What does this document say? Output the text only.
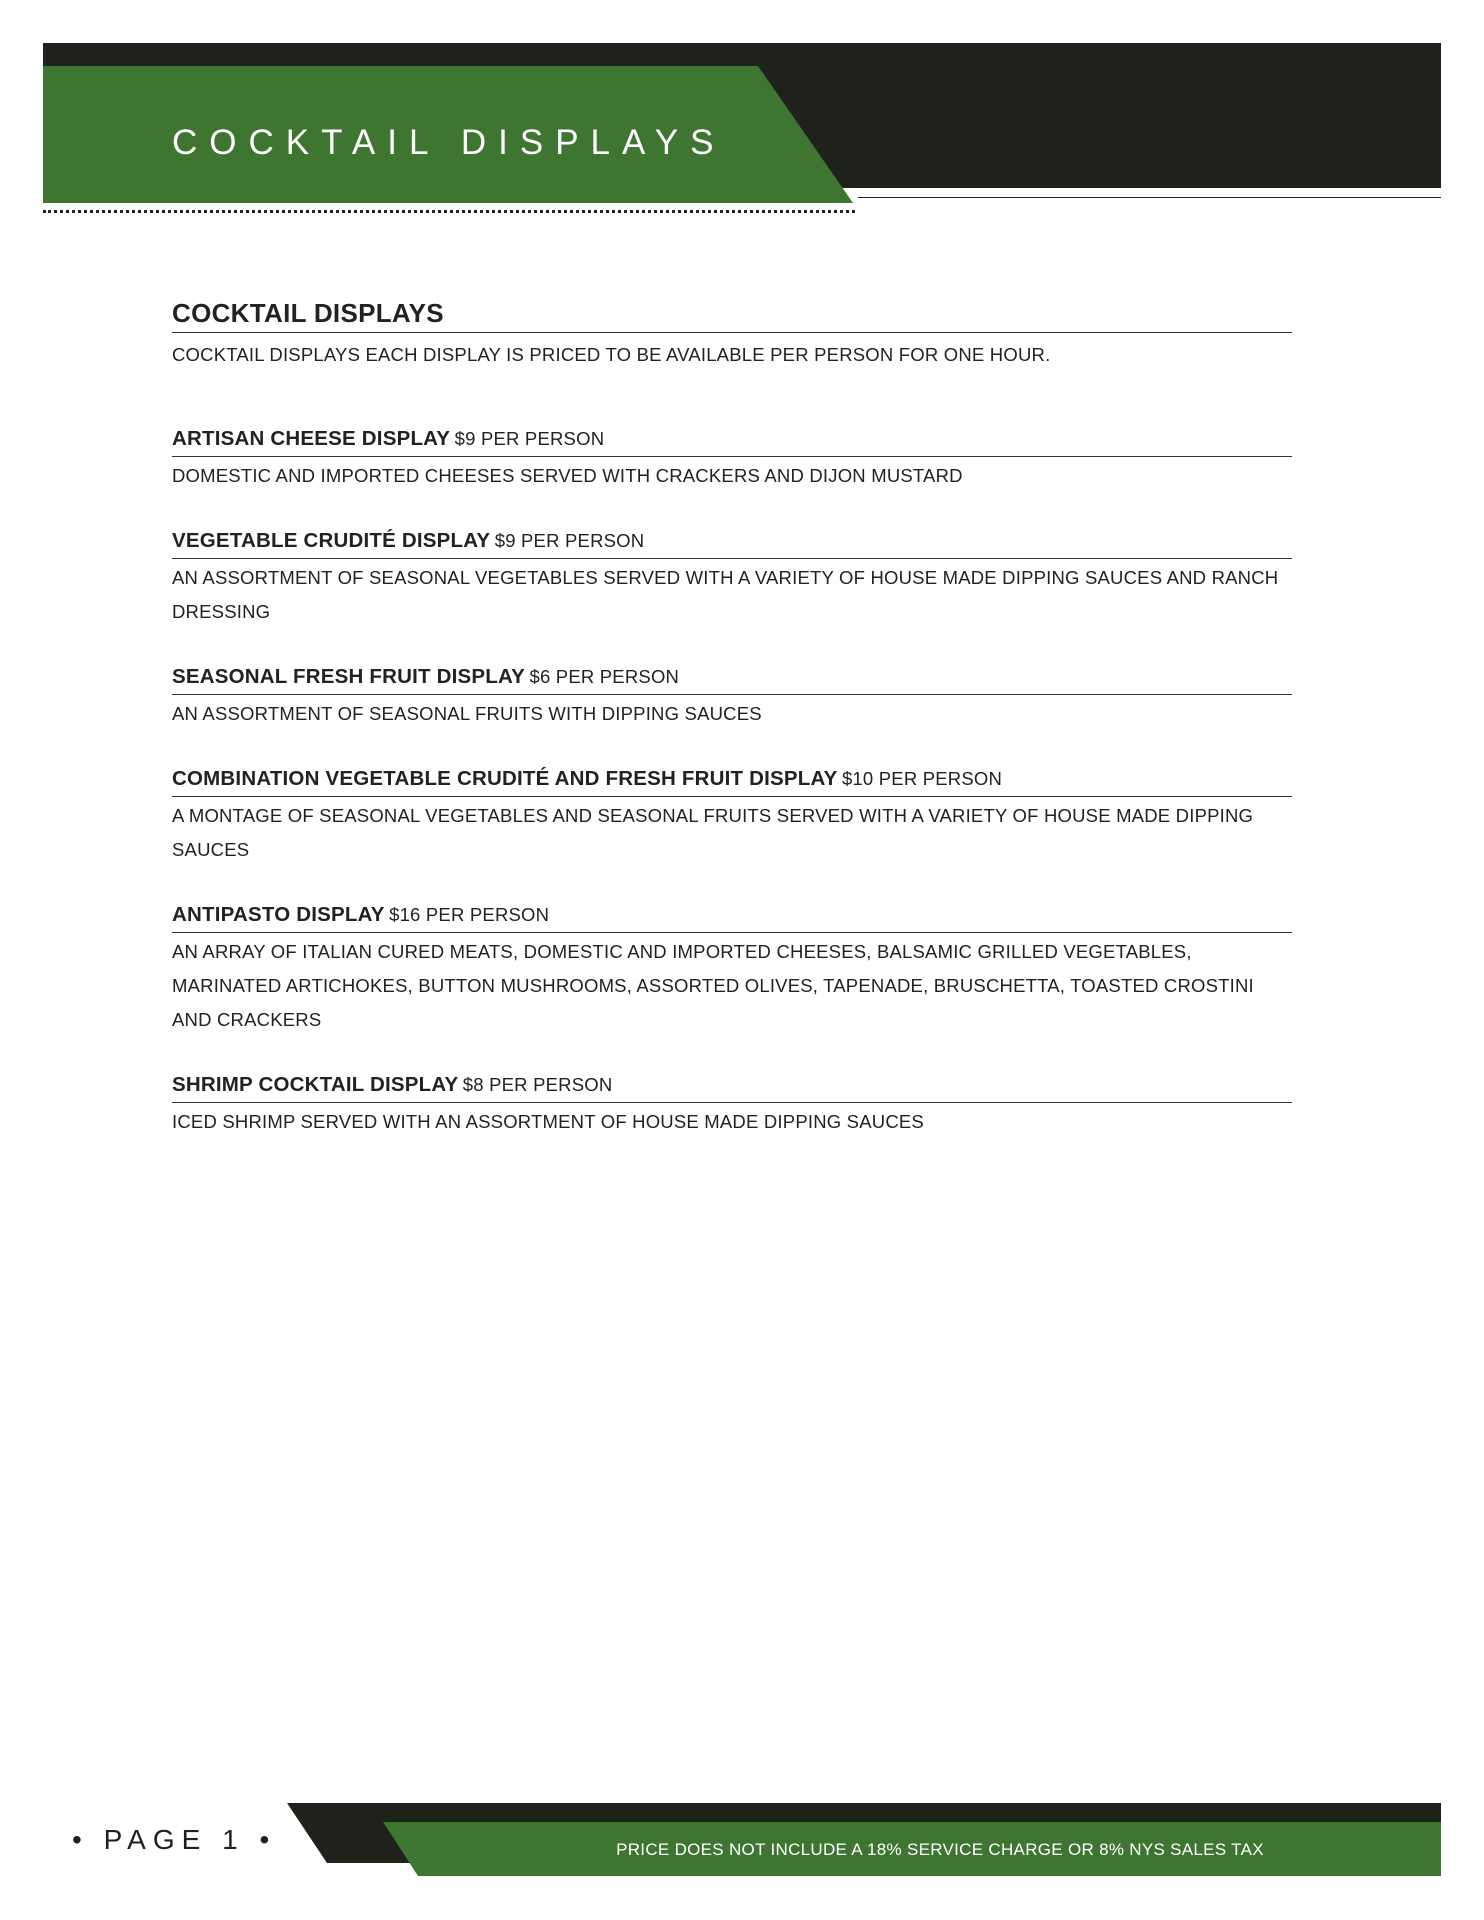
COCKTAIL DISPLAYS
COCKTAIL DISPLAYS

COCKTAIL DISPLAYS EACH DISPLAY IS PRICED TO BE AVAILABLE PER PERSON FOR ONE HOUR.

ARTISAN CHEESE DISPLAY $9 PER PERSON

DOMESTIC AND IMPORTED CHEESES SERVED WITH CRACKERS AND DIJON MUSTARD

VEGETABLE CRUDITÉ DISPLAY $9 PER PERSON

AN ASSORTMENT OF SEASONAL VEGETABLES SERVED WITH A VARIETY OF HOUSE MADE DIPPING SAUCES AND RANCH DRESSING

SEASONAL FRESH FRUIT DISPLAY $6 PER PERSON

AN ASSORTMENT OF SEASONAL FRUITS WITH DIPPING SAUCES

COMBINATION VEGETABLE CRUDITÉ AND FRESH FRUIT DISPLAY $10 PER PERSON

A MONTAGE OF SEASONAL VEGETABLES AND SEASONAL FRUITS SERVED WITH A VARIETY OF HOUSE MADE DIPPING SAUCES

ANTIPASTO DISPLAY $16 PER PERSON

AN ARRAY OF ITALIAN CURED MEATS, DOMESTIC AND IMPORTED CHEESES, BALSAMIC GRILLED VEGETABLES, MARINATED ARTICHOKES, BUTTON MUSHROOMS, ASSORTED OLIVES, TAPENADE, BRUSCHETTA, TOASTED CROSTINI AND CRACKERS

SHRIMP COCKTAIL DISPLAY $8 PER PERSON

ICED SHRIMP SERVED WITH AN ASSORTMENT OF HOUSE MADE DIPPING SAUCES

• PAGE 1 •	PRICE DOES NOT INCLUDE A 18% SERVICE CHARGE OR 8% NYS SALES TAX
